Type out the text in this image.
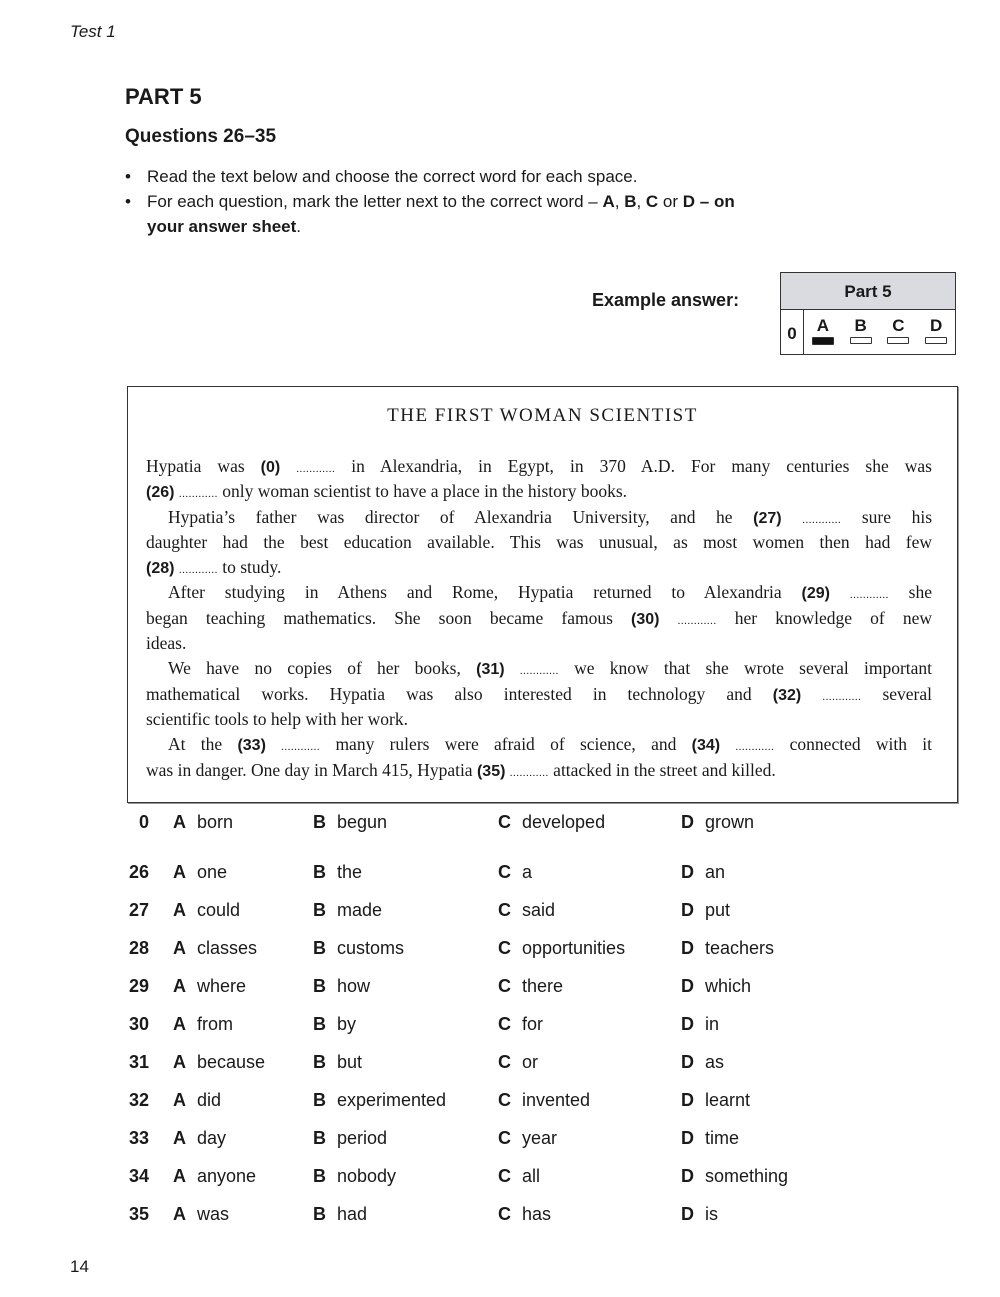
Test 1
PART 5
Questions 26–35
• Read the text below and choose the correct word for each space.
• For each question, mark the letter next to the correct word – A, B, C or D – on
your answer sheet.
Example answer:	Part 5
0	A	B	C	D
THE FIRST WOMAN SCIENTIST
Hypatia was (0) ............ in Alexandria, in Egypt, in 370 A.D. For many centuries she was
(26) ............ only woman scientist to have a place in the history books.
Hypatia’s father was director of Alexandria University, and he (27) ............ sure his
daughter had the best education available. This was unusual, as most women then had few
(28) ............ to study.
After studying in Athens and Rome, Hypatia returned to Alexandria (29) ............ she
began teaching mathematics. She soon became famous (30) ............ her knowledge of new
ideas.
We have no copies of her books, (31) ............ we know that she wrote several important
mathematical works. Hypatia was also interested in technology and (32) ............ several
scientific tools to help with her work.
At the (33) ............ many rulers were afraid of science, and (34) ............ connected with it
was in danger. One day in March 415, Hypatia (35) ............ attacked in the street and killed.
0 A born	B begun	C developed	D grown
26 A one	B the	C a	D an
27 A could	B made	C said	D put
28 A classes	B customs	C opportunities	D teachers
29 A where	B how	C there	D which
30 A from	B by	C for	D in
31 A because	B but	C or	D as
32 A did	B experimented	C invented	D learnt
33 A day	B period	C year	D time
34 A anyone	B nobody	C all	D something
35 A was	B had	C has	D is
14
